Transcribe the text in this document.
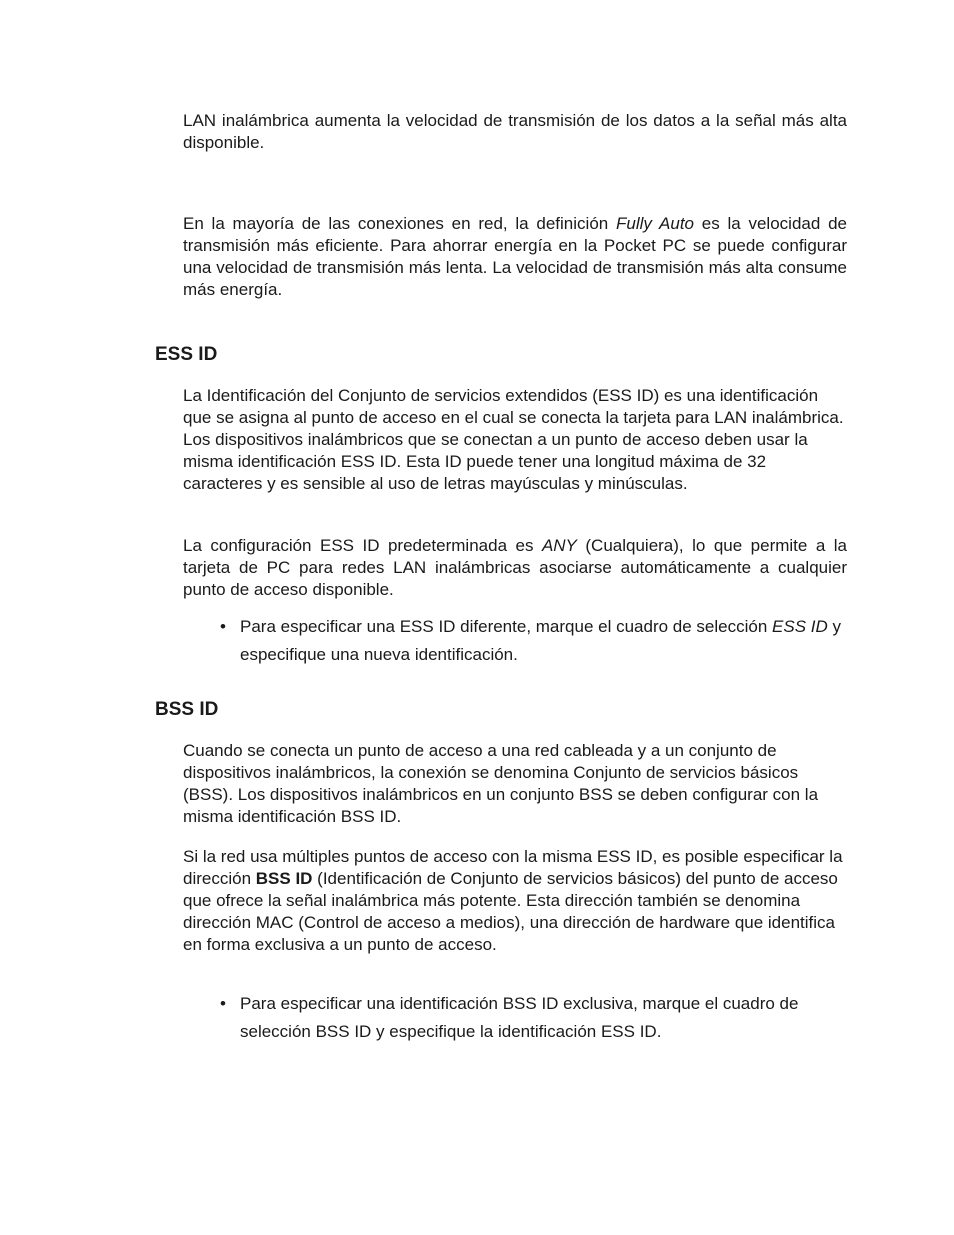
LAN inalámbrica aumenta la velocidad de transmisión de los datos a la señal más alta disponible.

En la mayoría de las conexiones en red, la definición Fully Auto es la velocidad de transmisión más eficiente. Para ahorrar energía en la Pocket PC se puede configurar una velocidad de transmisión más lenta. La velocidad de transmisión más alta consume más energía.

ESS ID

La Identificación del Conjunto de servicios extendidos (ESS ID) es una identificación que se asigna al punto de acceso en el cual se conecta la tarjeta para LAN inalámbrica. Los dispositivos inalámbricos que se conectan a un punto de acceso deben usar la misma identificación ESS ID. Esta ID puede tener una longitud máxima de 32 caracteres y es sensible al uso de letras mayúsculas y minúsculas.

La configuración ESS ID predeterminada es ANY (Cualquiera), lo que permite a la tarjeta de PC para redes LAN inalámbricas asociarse automáticamente a cualquier punto de acceso disponible.

• Para especificar una ESS ID diferente, marque el cuadro de selección ESS ID y especifique una nueva identificación.
BSS ID

Cuando se conecta un punto de acceso a una red cableada y a un conjunto de dispositivos inalámbricos, la conexión se denomina Conjunto de servicios básicos (BSS). Los dispositivos inalámbricos en un conjunto BSS se deben configurar con la misma identificación BSS ID.

Si la red usa múltiples puntos de acceso con la misma ESS ID, es posible especificar la dirección BSS ID (Identificación de Conjunto de servicios básicos) del punto de acceso que ofrece la señal inalámbrica más potente. Esta dirección también se denomina dirección MAC (Control de acceso a medios), una dirección de hardware que identifica en forma exclusiva a un punto de acceso.

• Para especificar una identificación BSS ID exclusiva, marque el cuadro de selección BSS ID y especifique la identificación ESS ID.
